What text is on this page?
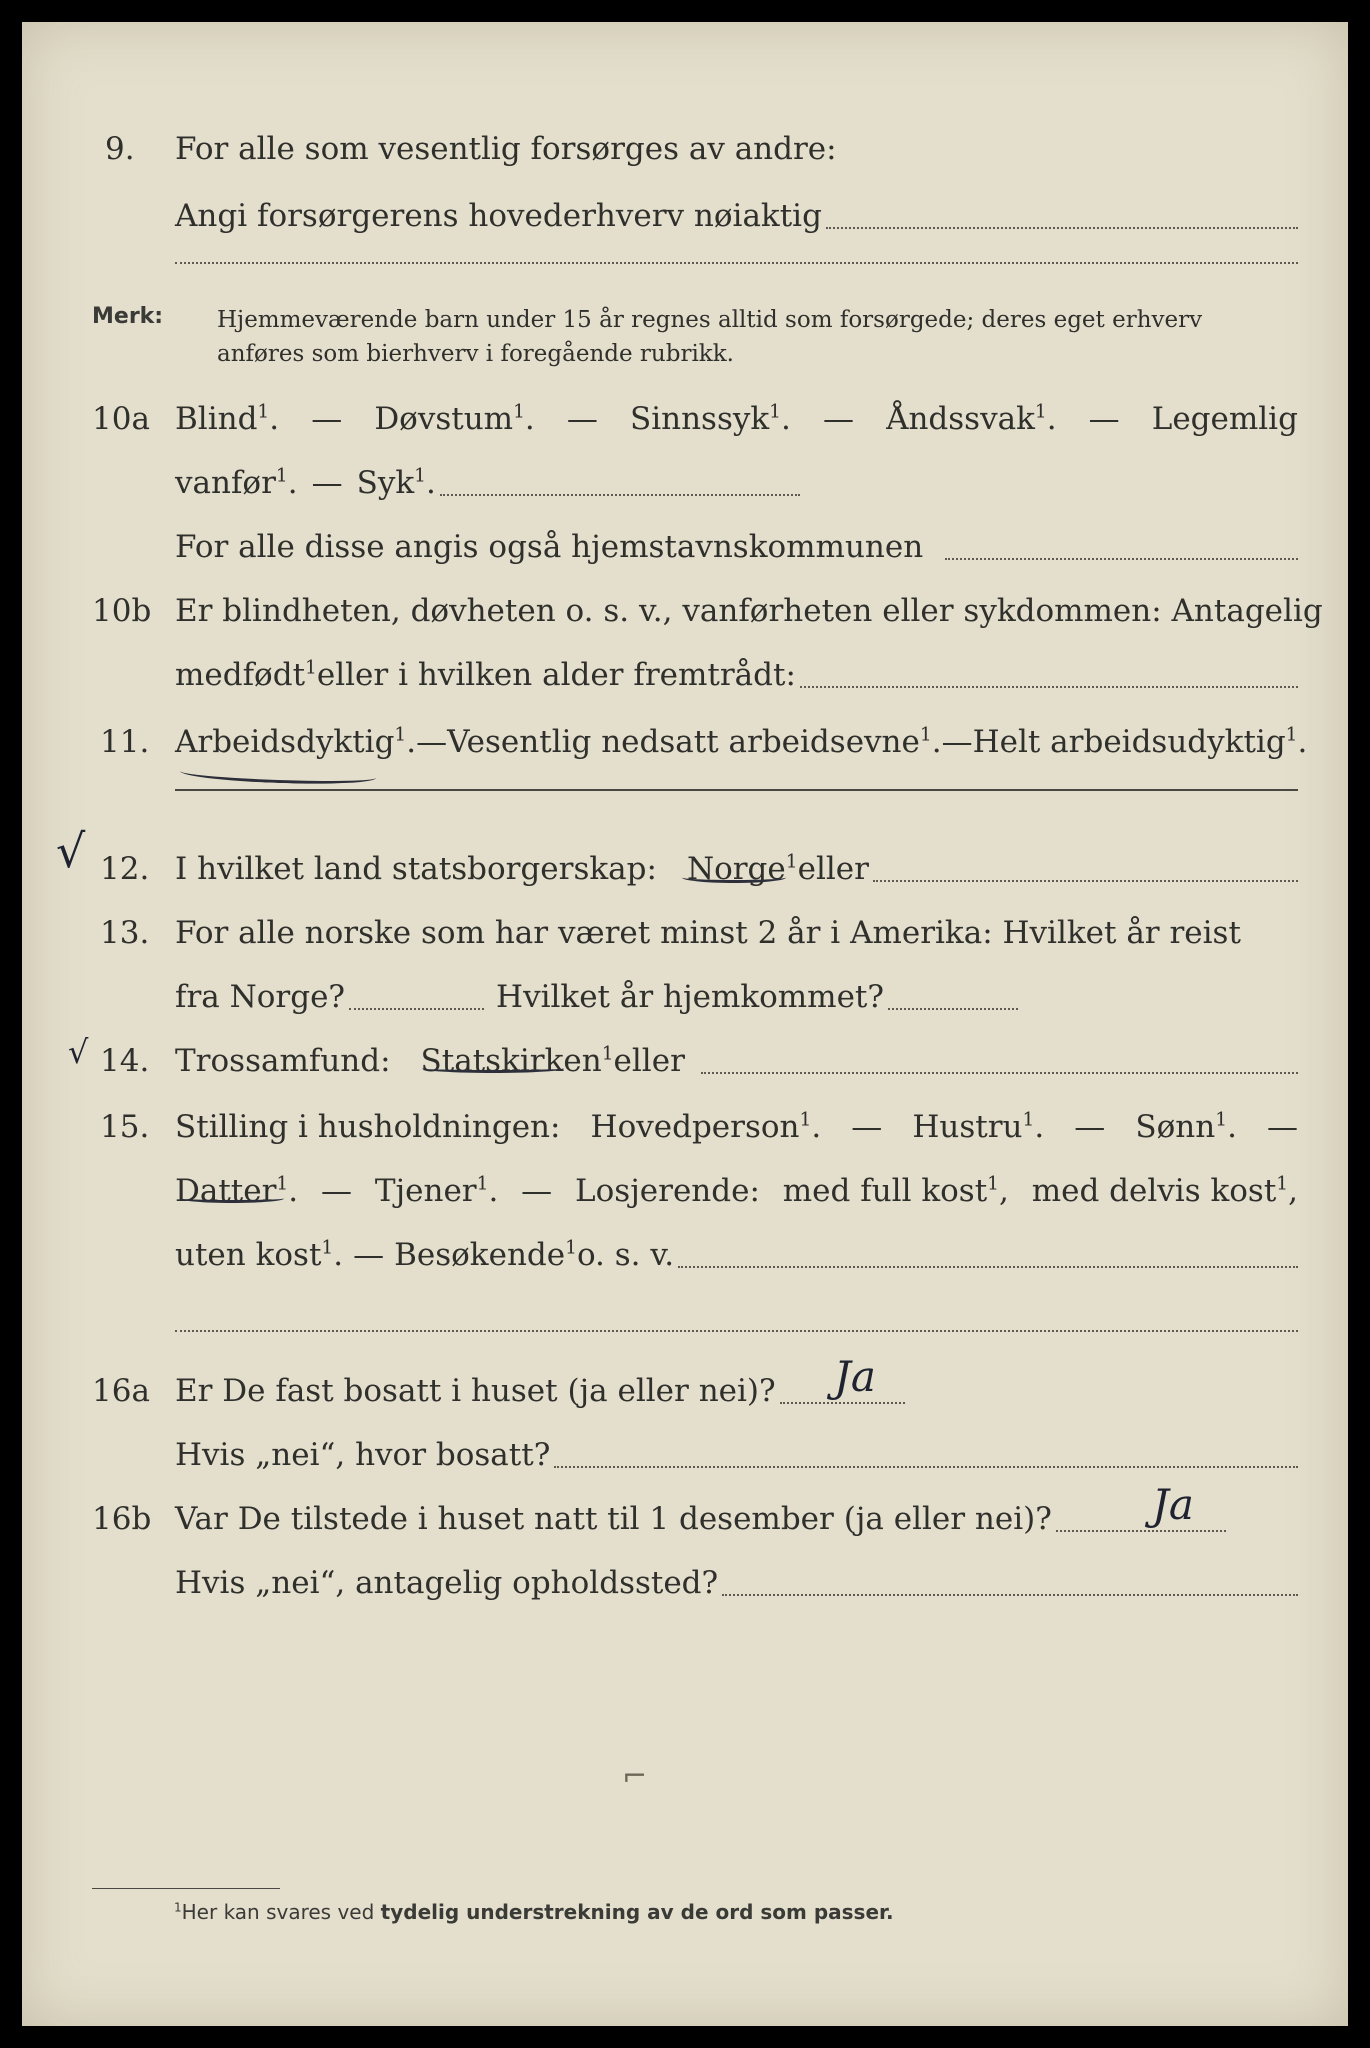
9. For alle som vesentlig forsørges av andre:
Angi forsørgerens hovederhverv nøiaktig
Merk: Hjemmeværende barn under 15 år regnes alltid som forsørgede; deres eget erhverv
anføres som bierhverv i foregående rubrikk.
10a Blind$^1$. — Døvstum$^1$. — Sinnssyk$^1$. — Åndssvak$^1$. — Legemlig
vanfør$^1$. — Syk$^1$.
For alle disse angis også hjemstavnskommunen
10b Er blindheten, døvheten o. s. v., vanførheten eller sykdommen: Antagelig
medfødt$^1$ eller i hvilken alder fremtrådt:
11. Arbeidsdyktig$^1$. — Vesentlig nedsatt arbeidsevne$^1$. — Helt arbeidsudyktig$^1$.
12. I hvilket land statsborgerskap: Norge$^1$ eller
√
13. For alle norske som har været minst 2 år i Amerika: Hvilket år reist
fra Norge?	Hvilket år hjemkommet?
14. Trossamfund: Statskirken$^1$ eller
√
15. Stilling i husholdningen: Hovedperson$^1$. — Hustru$^1$. — Sønn$^1$. —
Datter$^1$. — Tjener$^1$. — Losjerende: med full kost$^1$, med delvis kost$^1$,
uten kost$^1$. — Besøkende$^1$ o. s. v.
16a Er De fast bosatt i huset (ja eller nei)? Ja
Hvis „nei“, hvor bosatt?
16b Var De tilstede i huset natt til 1 desember (ja eller nei)? Ja
Hvis „nei“, antagelig opholdssted?
⌐
$^1$Her kan svares ved tydelig understrekning av de ord som passer.
